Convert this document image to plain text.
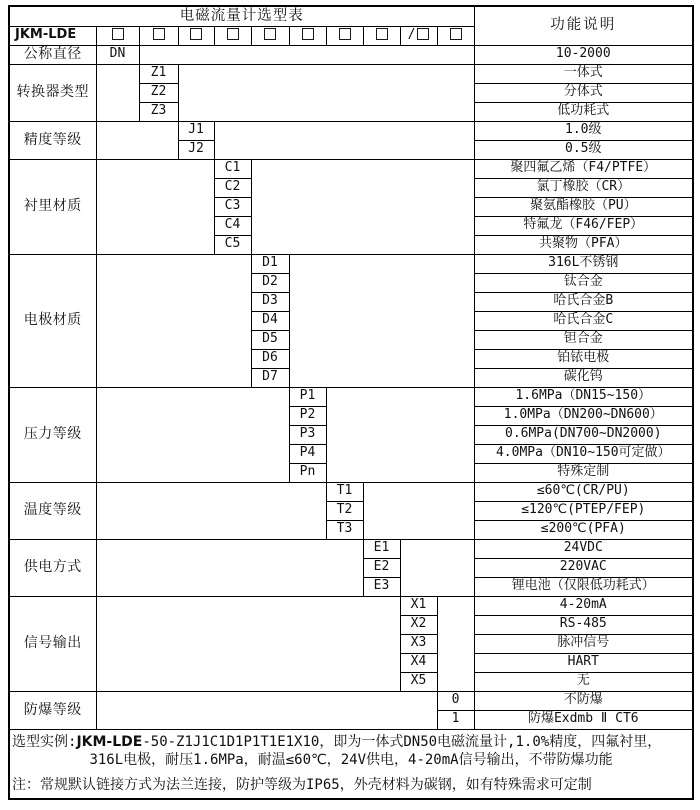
电磁流量计选型表											功能说明
JKM-LDE									/		
公称直径	DN										10-2000
转换器类型		Z1									一体式
		Z2									分体式
		Z3									低功耗式
精度等级			J1								1.0级
			J2								0.5级
衬里材质				C1							聚四氟乙烯（F4/PTFE）
				C2							氯丁橡胶（CR）
				C3							聚氨酯橡胶（PU）
				C4							特氟龙（F46/FEP）
				C5							共聚物（PFA）
电极材质					D1						316L不锈钢
					D2						钛合金
					D3						哈氏合金B
					D4						哈氏合金C
					D5						钽合金
					D6						铂铱电极
					D7						碳化钨
压力等级						P1					1.6MPa（DN15~150）
						P2					1.0MPa（DN200~DN600）
						P3					0.6MPa(DN700~DN2000)
						P4					4.0MPa（DN10~150可定做）
						Pn					特殊定制
温度等级							T1				≤60℃(CR/PU)
							T2				≤120℃(PTEP/FEP)
							T3				≤200℃(PFA)
供电方式								E1			24VDC
								E2			220VAC
								E3			锂电池（仅限低功耗式）
信号输出									X1		4-20mA
									X2		RS-485
									X3		脉冲信号
									X4		HART
									X5		无
防爆等级										0	不防爆
										1	防爆Exdmb Ⅱ CT6

选型实例:JKM-LDE-50-Z1J1C1D1P1T1E1X10，即为一体式DN50电磁流量计,1.0%精度，四氟衬里，
316L电极，耐压1.6MPa，耐温≤60℃，24V供电，4-20mA信号输出，不带防爆功能
注：常规默认链接方式为法兰连接，防护等级为IP65，外壳材料为碳钢，如有特殊需求可定制											
